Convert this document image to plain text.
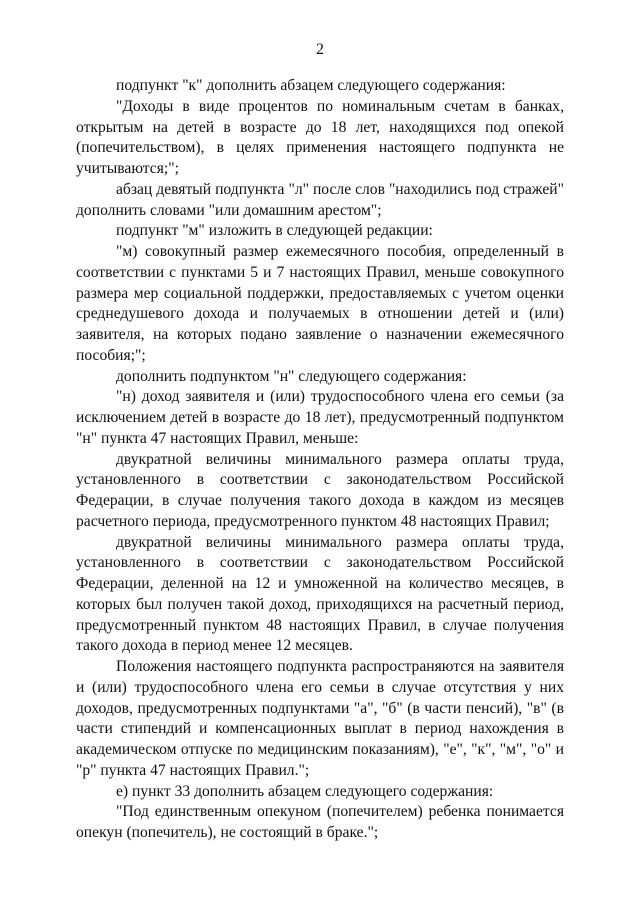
2

подпункт "к" дополнить абзацем следующего содержания:

"Доходы в виде процентов по номинальным счетам в банках, открытым на детей в возрасте до 18 лет, находящихся под опекой (попечительством), в целях применения настоящего подпункта не учитываются;";

абзац девятый подпункта "л" после слов "находились под стражей" дополнить словами "или домашним арестом";

подпункт "м" изложить в следующей редакции:

"м) совокупный размер ежемесячного пособия, определенный в соответствии с пунктами 5 и 7 настоящих Правил, меньше совокупного размера мер социальной поддержки, предоставляемых с учетом оценки среднедушевого дохода и получаемых в отношении детей и (или) заявителя, на которых подано заявление о назначении ежемесячного пособия;";

дополнить подпунктом "н" следующего содержания:

"н) доход заявителя и (или) трудоспособного члена его семьи (за исключением детей в возрасте до 18 лет), предусмотренный подпунктом "н" пункта 47 настоящих Правил, меньше:

двукратной величины минимального размера оплаты труда, установленного в соответствии с законодательством Российской Федерации, в случае получения такого дохода в каждом из месяцев расчетного периода, предусмотренного пунктом 48 настоящих Правил;

двукратной величины минимального размера оплаты труда, установленного в соответствии с законодательством Российской Федерации, деленной на 12 и умноженной на количество месяцев, в которых был получен такой доход, приходящихся на расчетный период, предусмотренный пунктом 48 настоящих Правил, в случае получения такого дохода в период менее 12 месяцев.

Положения настоящего подпункта распространяются на заявителя и (или) трудоспособного члена его семьи в случае отсутствия у них доходов, предусмотренных подпунктами "а", "б" (в части пенсий), "в" (в части стипендий и компенсационных выплат в период нахождения в академическом отпуске по медицинским показаниям), "е", "к", "м", "о" и "р" пункта 47 настоящих Правил.";

е) пункт 33 дополнить абзацем следующего содержания:

"Под единственным опекуном (попечителем) ребенка понимается опекун (попечитель), не состоящий в браке.";
